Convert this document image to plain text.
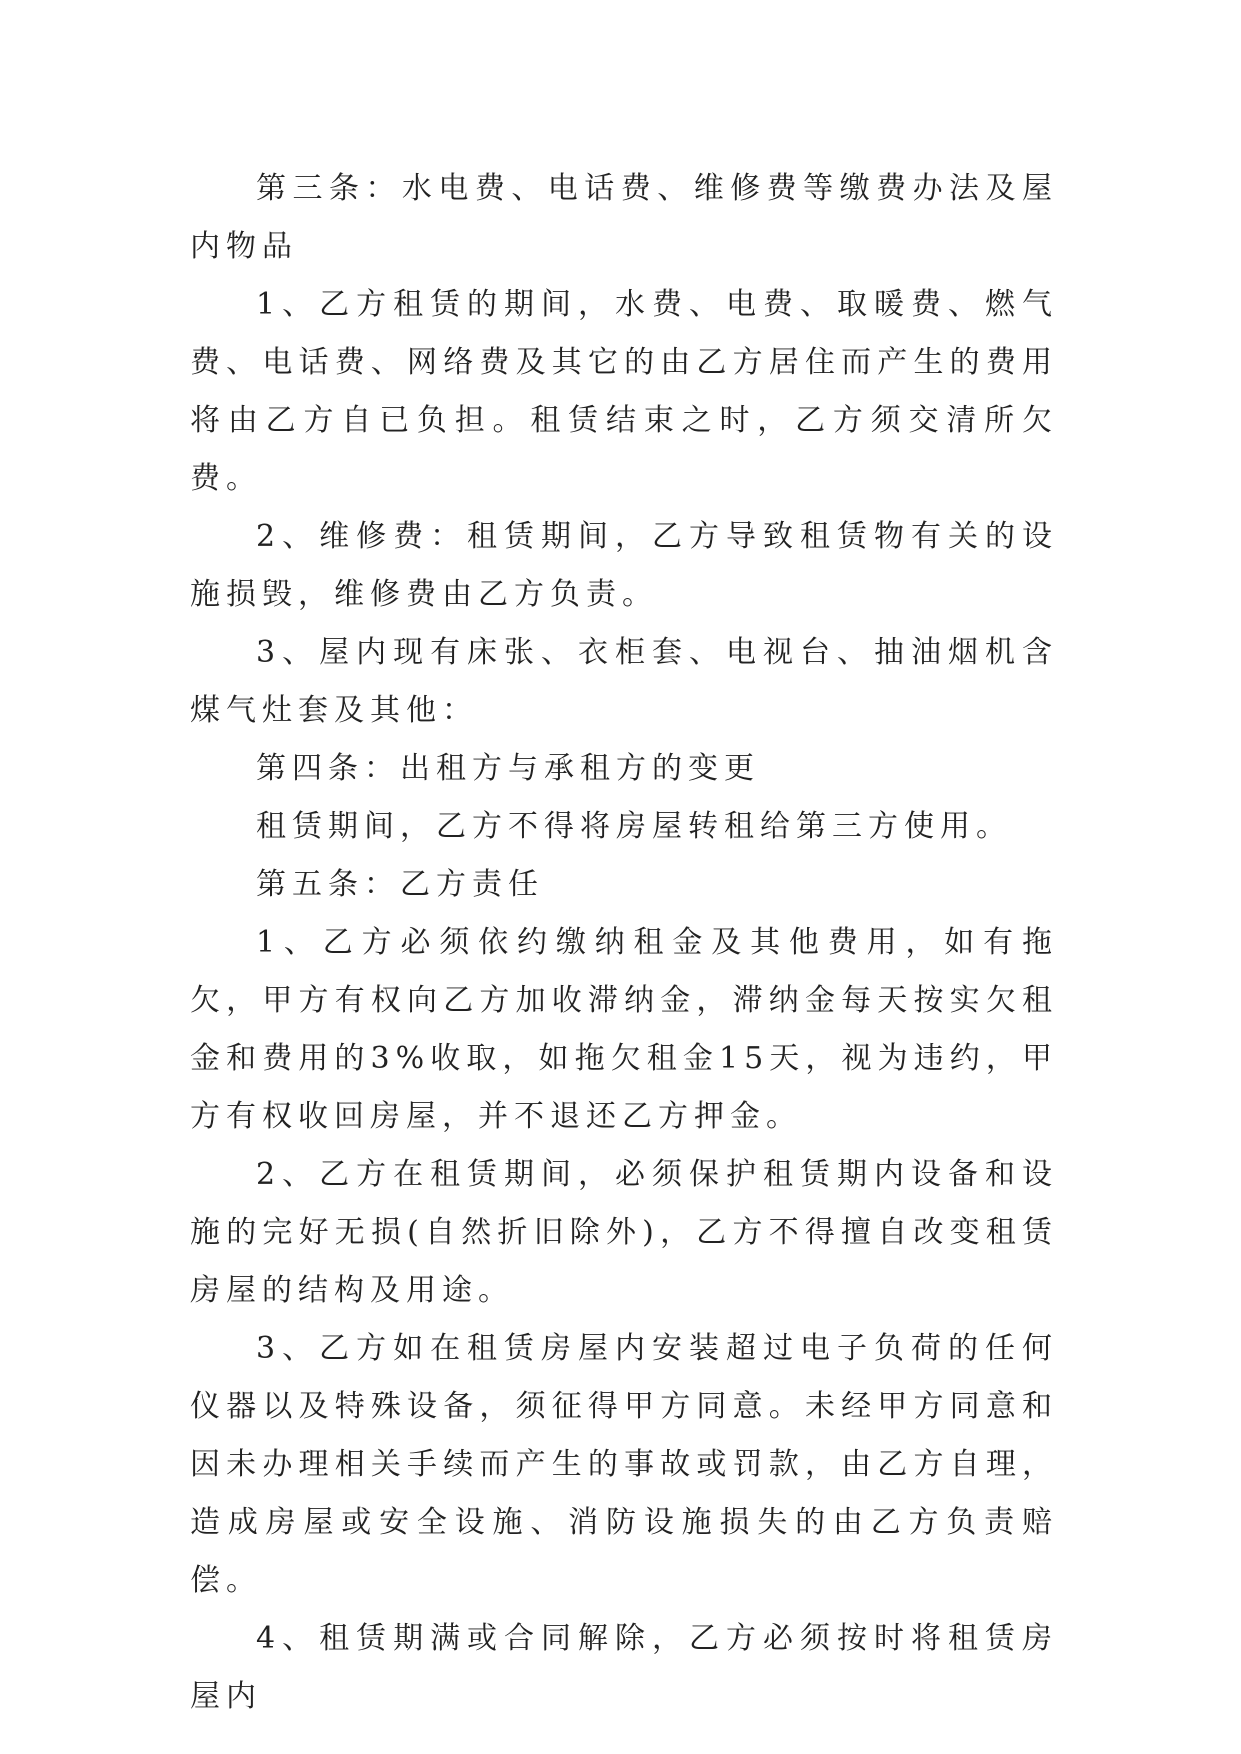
第三条：水电费、电话费、维修费等缴费办法及屋内物品

1、乙方租赁的期间，水费、电费、取暖费、燃气费、电话费、网络费及其它的由乙方居住而产生的费用将由乙方自已负担。租赁结束之时，乙方须交清所欠费。

2、维修费：租赁期间，乙方导致租赁物有关的设施损毁，维修费由乙方负责。

3、屋内现有床张、衣柜套、电视台、抽油烟机含煤气灶套及其他：

第四条：出租方与承租方的变更

租赁期间，乙方不得将房屋转租给第三方使用。

第五条：乙方责任

1、乙方必须依约缴纳租金及其他费用，如有拖欠，甲方有权向乙方加收滞纳金，滞纳金每天按实欠租金和费用的3%收取，如拖欠租金15天，视为违约，甲方有权收回房屋，并不退还乙方押金。

2、乙方在租赁期间，必须保护租赁期内设备和设施的完好无损(自然折旧除外)，乙方不得擅自改变租赁房屋的结构及用途。

3、乙方如在租赁房屋内安装超过电子负荷的任何仪器以及特殊设备，须征得甲方同意。未经甲方同意和因未办理相关手续而产生的事故或罚款，由乙方自理，造成房屋或安全设施、消防设施损失的由乙方负责赔偿。

4、租赁期满或合同解除，乙方必须按时将租赁房屋内
